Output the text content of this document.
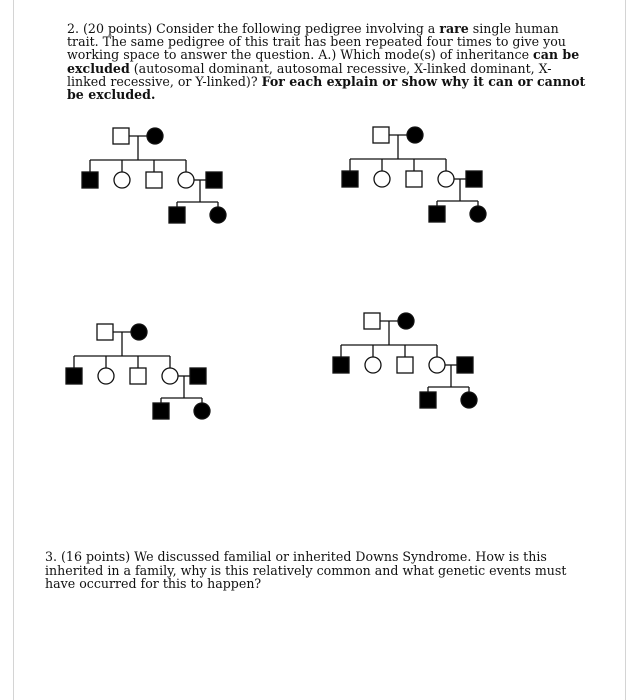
2. (20 points) Consider the following pedigree involving a rare single human trait. The same pedigree of this trait has been repeated four times to give you working space to answer the question. A.) Which mode(s) of inheritance can be excluded (autosomal dominant, autosomal recessive, X-linked dominant, X-linked recessive, or Y-linked)? For each explain or show why it can or cannot be excluded.

3. (16 points) We discussed familial or inherited Downs Syndrome. How is this inherited in a family, why is this relatively common and what genetic events must have occurred for this to happen?
